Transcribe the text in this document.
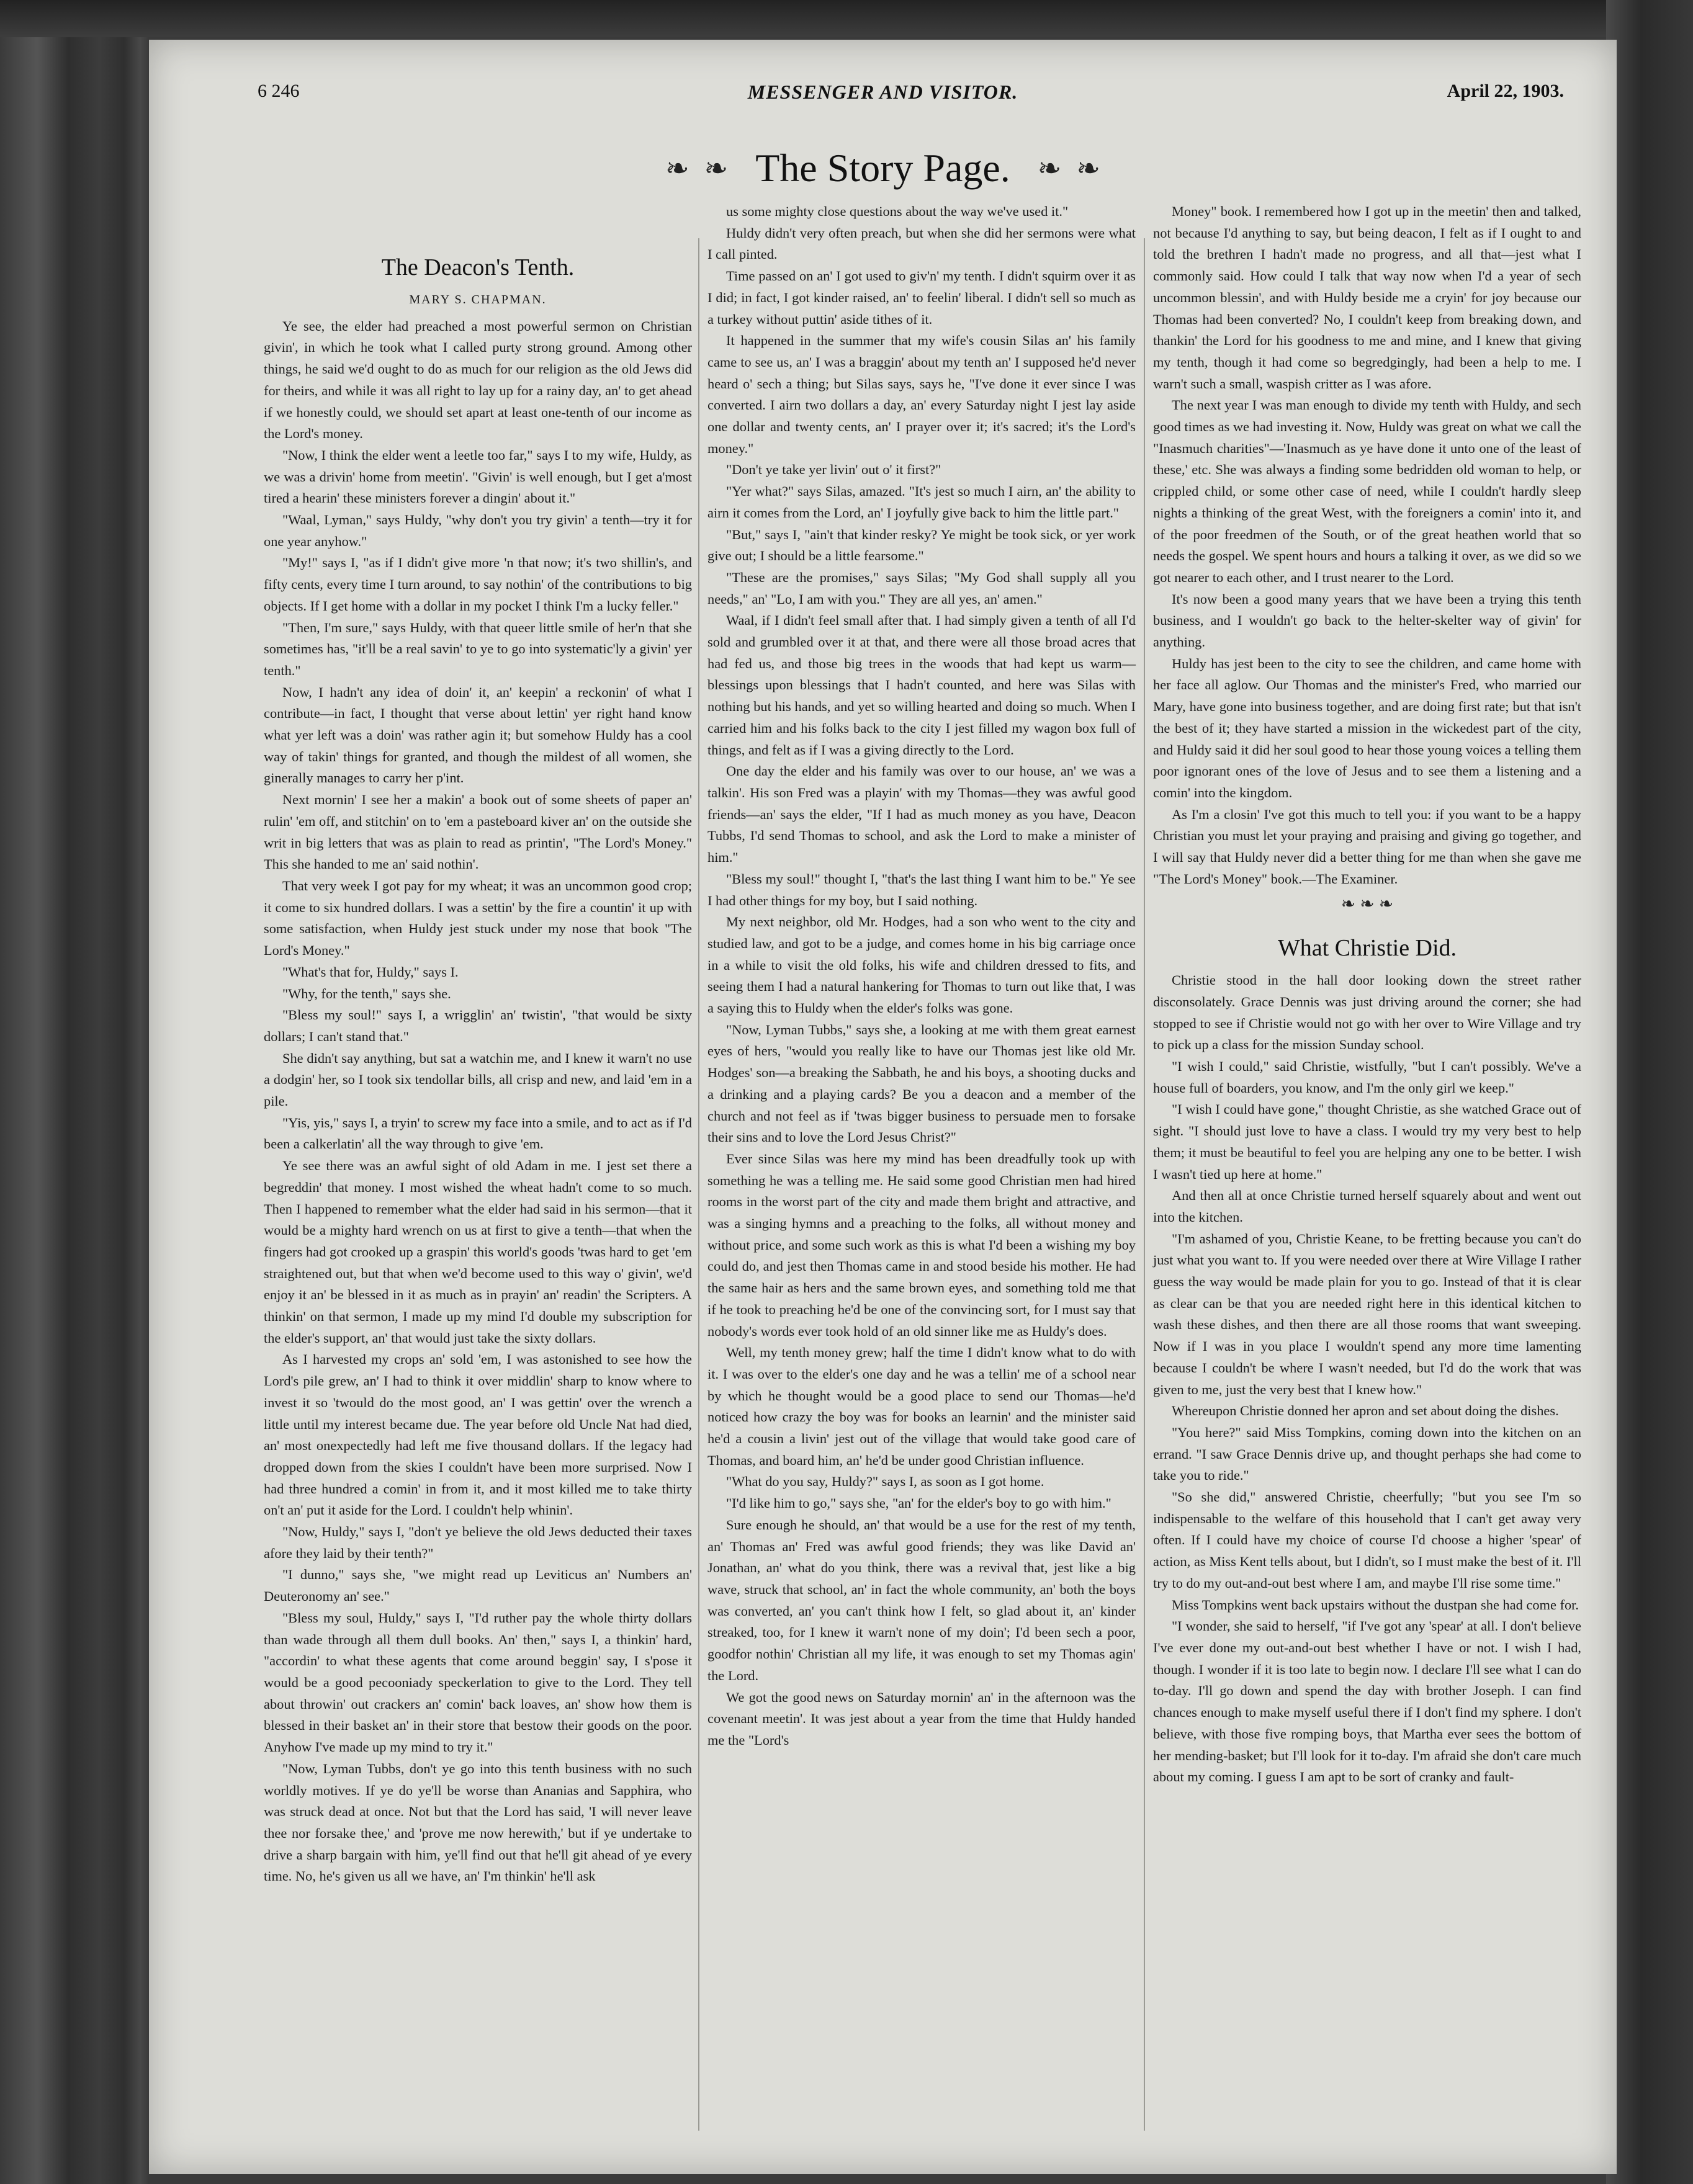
6 246	MESSENGER AND VISITOR.	April 22, 1903.
❧ ❧ The Story Page. ❧ ❧
The Deacon's Tenth.
MARY S. CHAPMAN.

Ye see, the elder had preached a most powerful sermon on Christian givin', in which he took what I called purty strong ground. Among other things, he said we'd ought to do as much for our religion as the old Jews did for theirs, and while it was all right to lay up for a rainy day, an' to get ahead if we honestly could, we should set apart at least one-tenth of our income as the Lord's money.

"Now, I think the elder went a leetle too far," says I to my wife, Huldy, as we was a drivin' home from meetin'. "Givin' is well enough, but I get a'most tired a hearin' these ministers forever a dingin' about it."

"Waal, Lyman," says Huldy, "why don't you try givin' a tenth—try it for one year anyhow."

"My!" says I, "as if I didn't give more 'n that now; it's two shillin's, and fifty cents, every time I turn around, to say nothin' of the contributions to big objects. If I get home with a dollar in my pocket I think I'm a lucky feller."

"Then, I'm sure," says Huldy, with that queer little smile of her'n that she sometimes has, "it'll be a real savin' to ye to go into systematic'ly a givin' yer tenth."

Now, I hadn't any idea of doin' it, an' keepin' a reckonin' of what I contribute—in fact, I thought that verse about lettin' yer right hand know what yer left was a doin' was rather agin it; but somehow Huldy has a cool way of takin' things for granted, and though the mildest of all women, she ginerally manages to carry her p'int.

Next mornin' I see her a makin' a book out of some sheets of paper an' rulin' 'em off, and stitchin' on to 'em a pasteboard kiver an' on the outside she writ in big letters that was as plain to read as printin', "The Lord's Money." This she handed to me an' said nothin'.

That very week I got pay for my wheat; it was an uncommon good crop; it come to six hundred dollars. I was a settin' by the fire a countin' it up with some satisfaction, when Huldy jest stuck under my nose that book "The Lord's Money."

"What's that for, Huldy," says I.

"Why, for the tenth," says she.

"Bless my soul!" says I, a wrigglin' an' twistin', "that would be sixty dollars; I can't stand that."

She didn't say anything, but sat a watchin me, and I knew it warn't no use a dodgin' her, so I took six tendollar bills, all crisp and new, and laid 'em in a pile.

"Yis, yis," says I, a tryin' to screw my face into a smile, and to act as if I'd been a calkerlatin' all the way through to give 'em.

Ye see there was an awful sight of old Adam in me. I jest set there a begreddin' that money. I most wished the wheat hadn't come to so much. Then I happened to remember what the elder had said in his sermon—that it would be a mighty hard wrench on us at first to give a tenth—that when the fingers had got crooked up a graspin' this world's goods 'twas hard to get 'em straightened out, but that when we'd become used to this way o' givin', we'd enjoy it an' be blessed in it as much as in prayin' an' readin' the Scripters. A thinkin' on that sermon, I made up my mind I'd double my subscription for the elder's support, an' that would just take the sixty dollars.

As I harvested my crops an' sold 'em, I was astonished to see how the Lord's pile grew, an' I had to think it over middlin' sharp to know where to invest it so 'twould do the most good, an' I was gettin' over the wrench a little until my interest became due. The year before old Uncle Nat had died, an' most onexpectedly had left me five thousand dollars. If the legacy had dropped down from the skies I couldn't have been more surprised. Now I had three hundred a comin' in from it, and it most killed me to take thirty on't an' put it aside for the Lord. I couldn't help whinin'.

"Now, Huldy," says I, "don't ye believe the old Jews deducted their taxes afore they laid by their tenth?"

"I dunno," says she, "we might read up Leviticus an' Numbers an' Deuteronomy an' see."

"Bless my soul, Huldy," says I, "I'd ruther pay the whole thirty dollars than wade through all them dull books. An' then," says I, a thinkin' hard, "accordin' to what these agents that come around beggin' say, I s'pose it would be a good pecooniady speckerlation to give to the Lord. They tell about throwin' out crackers an' comin' back loaves, an' show how them is blessed in their basket an' in their store that bestow their goods on the poor. Anyhow I've made up my mind to try it."

"Now, Lyman Tubbs, don't ye go into this tenth business with no such worldly motives. If ye do ye'll be worse than Ananias and Sapphira, who was struck dead at once. Not but that the Lord has said, 'I will never leave thee nor forsake thee,' and 'prove me now herewith,' but if ye undertake to drive a sharp bargain with him, ye'll find out that he'll git ahead of ye every time. No, he's given us all we have, an' I'm thinkin' he'll ask

us some mighty close questions about the way we've used it."

Huldy didn't very often preach, but when she did her sermons were what I call pinted.

Time passed on an' I got used to giv'n' my tenth. I didn't squirm over it as I did; in fact, I got kinder raised, an' to feelin' liberal. I didn't sell so much as a turkey without puttin' aside tithes of it.

It happened in the summer that my wife's cousin Silas an' his family came to see us, an' I was a braggin' about my tenth an' I supposed he'd never heard o' sech a thing; but Silas says, says he, "I've done it ever since I was converted. I airn two dollars a day, an' every Saturday night I jest lay aside one dollar and twenty cents, an' I prayer over it; it's sacred; it's the Lord's money."

"Don't ye take yer livin' out o' it first?"

"Yer what?" says Silas, amazed. "It's jest so much I airn, an' the ability to airn it comes from the Lord, an' I joyfully give back to him the little part."

"But," says I, "ain't that kinder resky? Ye might be took sick, or yer work give out; I should be a little fearsome."

"These are the promises," says Silas; "My God shall supply all you needs," an' "Lo, I am with you." They are all yes, an' amen."

Waal, if I didn't feel small after that. I had simply given a tenth of all I'd sold and grumbled over it at that, and there were all those broad acres that had fed us, and those big trees in the woods that had kept us warm—blessings upon blessings that I hadn't counted, and here was Silas with nothing but his hands, and yet so willing hearted and doing so much. When I carried him and his folks back to the city I jest filled my wagon box full of things, and felt as if I was a giving directly to the Lord.

One day the elder and his family was over to our house, an' we was a talkin'. His son Fred was a playin' with my Thomas—they was awful good friends—an' says the elder, "If I had as much money as you have, Deacon Tubbs, I'd send Thomas to school, and ask the Lord to make a minister of him."

"Bless my soul!" thought I, "that's the last thing I want him to be." Ye see I had other things for my boy, but I said nothing.

My next neighbor, old Mr. Hodges, had a son who went to the city and studied law, and got to be a judge, and comes home in his big carriage once in a while to visit the old folks, his wife and children dressed to fits, and seeing them I had a natural hankering for Thomas to turn out like that, I was a saying this to Huldy when the elder's folks was gone.

"Now, Lyman Tubbs," says she, a looking at me with them great earnest eyes of hers, "would you really like to have our Thomas jest like old Mr. Hodges' son—a breaking the Sabbath, he and his boys, a shooting ducks and a drinking and a playing cards? Be you a deacon and a member of the church and not feel as if 'twas bigger business to persuade men to forsake their sins and to love the Lord Jesus Christ?"

Ever since Silas was here my mind has been dreadfully took up with something he was a telling me. He said some good Christian men had hired rooms in the worst part of the city and made them bright and attractive, and was a singing hymns and a preaching to the folks, all without money and without price, and some such work as this is what I'd been a wishing my boy could do, and jest then Thomas came in and stood beside his mother. He had the same hair as hers and the same brown eyes, and something told me that if he took to preaching he'd be one of the convincing sort, for I must say that nobody's words ever took hold of an old sinner like me as Huldy's does.

Well, my tenth money grew; half the time I didn't know what to do with it. I was over to the elder's one day and he was a tellin' me of a school near by which he thought would be a good place to send our Thomas—he'd noticed how crazy the boy was for books an learnin' and the minister said he'd a cousin a livin' jest out of the village that would take good care of Thomas, and board him, an' he'd be under good Christian influence.

"What do you say, Huldy?" says I, as soon as I got home.

"I'd like him to go," says she, "an' for the elder's boy to go with him."

Sure enough he should, an' that would be a use for the rest of my tenth, an' Thomas an' Fred was awful good friends; they was like David an' Jonathan, an' what do you think, there was a revival that, jest like a big wave, struck that school, an' in fact the whole community, an' both the boys was converted, an' you can't think how I felt, so glad about it, an' kinder streaked, too, for I knew it warn't none of my doin'; I'd been sech a poor, goodfor nothin' Christian all my life, it was enough to set my Thomas agin' the Lord.

We got the good news on Saturday mornin' an' in the afternoon was the covenant meetin'. It was jest about a year from the time that Huldy handed me the "Lord's

Money" book. I remembered how I got up in the meetin' then and talked, not because I'd anything to say, but being deacon, I felt as if I ought to and told the brethren I hadn't made no progress, and all that—jest what I commonly said. How could I talk that way now when I'd a year of sech uncommon blessin', and with Huldy beside me a cryin' for joy because our Thomas had been converted? No, I couldn't keep from breaking down, and thankin' the Lord for his goodness to me and mine, and I knew that giving my tenth, though it had come so begredgingly, had been a help to me. I warn't such a small, waspish critter as I was afore.

The next year I was man enough to divide my tenth with Huldy, and sech good times as we had investing it. Now, Huldy was great on what we call the "Inasmuch charities"—'Inasmuch as ye have done it unto one of the least of these,' etc. She was always a finding some bedridden old woman to help, or crippled child, or some other case of need, while I couldn't hardly sleep nights a thinking of the great West, with the foreigners a comin' into it, and of the poor freedmen of the South, or of the great heathen world that so needs the gospel. We spent hours and hours a talking it over, as we did so we got nearer to each other, and I trust nearer to the Lord.

It's now been a good many years that we have been a trying this tenth business, and I wouldn't go back to the helter-skelter way of givin' for anything.

Huldy has jest been to the city to see the children, and came home with her face all aglow. Our Thomas and the minister's Fred, who married our Mary, have gone into business together, and are doing first rate; but that isn't the best of it; they have started a mission in the wickedest part of the city, and Huldy said it did her soul good to hear those young voices a telling them poor ignorant ones of the love of Jesus and to see them a listening and a comin' into the kingdom.

As I'm a closin' I've got this much to tell you: if you want to be a happy Christian you must let your praying and praising and giving go together, and I will say that Huldy never did a better thing for me than when she gave me "The Lord's Money" book.—The Examiner.

❧ ❧ ❧
What Christie Did.

Christie stood in the hall door looking down the street rather disconsolately. Grace Dennis was just driving around the corner; she had stopped to see if Christie would not go with her over to Wire Village and try to pick up a class for the mission Sunday school.

"I wish I could," said Christie, wistfully, "but I can't possibly. We've a house full of boarders, you know, and I'm the only girl we keep."

"I wish I could have gone," thought Christie, as she watched Grace out of sight. "I should just love to have a class. I would try my very best to help them; it must be beautiful to feel you are helping any one to be better. I wish I wasn't tied up here at home."

And then all at once Christie turned herself squarely about and went out into the kitchen.

"I'm ashamed of you, Christie Keane, to be fretting because you can't do just what you want to. If you were needed over there at Wire Village I rather guess the way would be made plain for you to go. Instead of that it is clear as clear can be that you are needed right here in this identical kitchen to wash these dishes, and then there are all those rooms that want sweeping. Now if I was in you place I wouldn't spend any more time lamenting because I couldn't be where I wasn't needed, but I'd do the work that was given to me, just the very best that I knew how."

Whereupon Christie donned her apron and set about doing the dishes.

"You here?" said Miss Tompkins, coming down into the kitchen on an errand. "I saw Grace Dennis drive up, and thought perhaps she had come to take you to ride."

"So she did," answered Christie, cheerfully; "but you see I'm so indispensable to the welfare of this household that I can't get away very often. If I could have my choice of course I'd choose a higher 'spear' of action, as Miss Kent tells about, but I didn't, so I must make the best of it. I'll try to do my out-and-out best where I am, and maybe I'll rise some time."

Miss Tompkins went back upstairs without the dustpan she had come for.

"I wonder, she said to herself, "if I've got any 'spear' at all. I don't believe I've ever done my out-and-out best whether I have or not. I wish I had, though. I wonder if it is too late to begin now. I declare I'll see what I can do to-day. I'll go down and spend the day with brother Joseph. I can find chances enough to make myself useful there if I don't find my sphere. I don't believe, with those five romping boys, that Martha ever sees the bottom of her mending-basket; but I'll look for it to-day. I'm afraid she don't care much about my coming. I guess I am apt to be sort of cranky and fault-
